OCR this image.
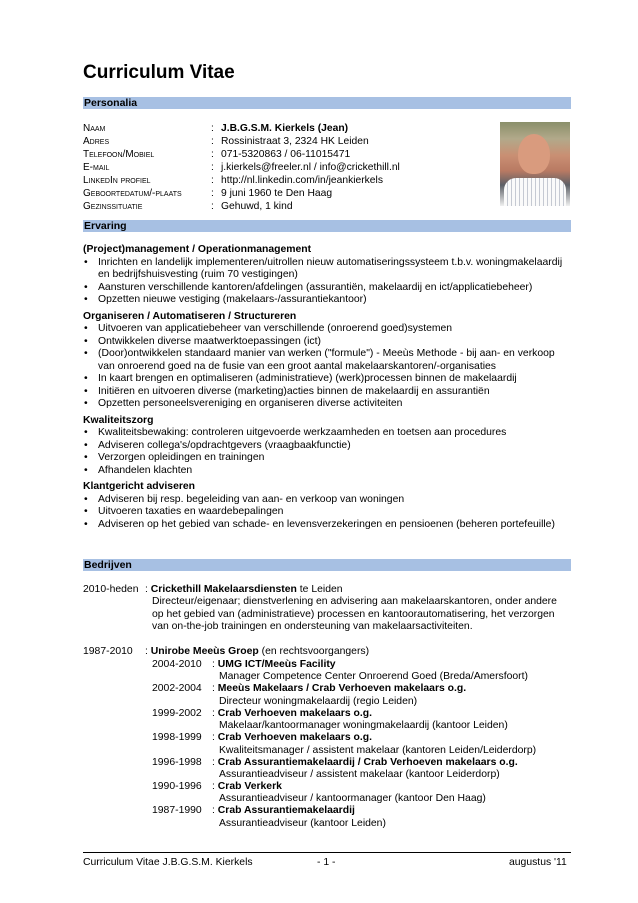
Curriculum Vitae
Personalia
Naam	: J.B.G.S.M. Kierkels (Jean)
Adres	: Rossinistraat 3, 2324 HK Leiden
Telefoon/Mobiel	: 071-5320863 / 06-11015471
E-mail	: j.kierkels@freeler.nl / info@crickethill.nl
LinkedIn profiel	: http://nl.linkedin.com/in/jeankierkels
Geboortedatum/-plaats	: 9 juni 1960 te Den Haag
Gezinssituatie	: Gehuwd, 1 kind
Ervaring
(Project)management / Operationmanagement
• Inrichten en landelijk implementeren/uitrollen nieuw automatiseringssysteem t.b.v. woningmakelaardij en bedrijfshuisvesting (ruim 70 vestigingen)
• Aansturen verschillende kantoren/afdelingen (assurantiën, makelaardij en ict/applicatiebeheer)
• Opzetten nieuwe vestiging (makelaars-/assurantiekantoor)
Organiseren / Automatiseren / Structureren
• Uitvoeren van applicatiebeheer van verschillende (onroerend goed)systemen
• Ontwikkelen diverse maatwerktoepassingen (ict)
• (Door)ontwikkelen standaard manier van werken ("formule") - Meeùs Methode - bij aan- en verkoop van onroerend goed na de fusie van een groot aantal makelaarskantoren/-organisaties
• In kaart brengen en optimaliseren (administratieve) (werk)processen binnen de makelaardij
• Initiëren en uitvoeren diverse (marketing)acties binnen de makelaardij en assurantiën
• Opzetten personeelsvereniging en organiseren diverse activiteiten
Kwaliteitszorg
• Kwaliteitsbewaking: controleren uitgevoerde werkzaamheden en toetsen aan procedures
• Adviseren collega's/opdrachtgevers (vraagbaakfunctie)
• Verzorgen opleidingen en trainingen
• Afhandelen klachten
Klantgericht adviseren
• Adviseren bij resp. begeleiding van aan- en verkoop van woningen
• Uitvoeren taxaties en waardebepalingen
• Adviseren op het gebied van schade- en levensverzekeringen en pensioenen (beheren portefeuille)
Bedrijven
2010-heden : Crickethill Makelaarsdiensten te Leiden
Directeur/eigenaar; dienstverlening en advisering aan makelaarskantoren, onder andere
op het gebied van (administratieve) processen en kantoorautomatisering, het verzorgen
van on-the-job trainingen en ondersteuning van makelaarsactiviteiten.
1987-2010	: Unirobe Meeùs Groep (en rechtsvoorgangers)
2004-2010 : UMG ICT/Meeùs Facility
Manager Competence Center Onroerend Goed (Breda/Amersfoort)
2002-2004 : Meeùs Makelaars / Crab Verhoeven makelaars o.g.
Directeur woningmakelaardij (regio Leiden)
1999-2002 : Crab Verhoeven makelaars o.g.
Makelaar/kantoormanager woningmakelaardij (kantoor Leiden)
1998-1999 : Crab Verhoeven makelaars o.g.
Kwaliteitsmanager / assistent makelaar (kantoren Leiden/Leiderdorp)
1996-1998 : Crab Assurantiemakelaardij / Crab Verhoeven makelaars o.g.
Assurantieadviseur / assistent makelaar (kantoor Leiderdorp)
1990-1996 : Crab Verkerk
Assurantieadviseur / kantoormanager (kantoor Den Haag)
1987-1990 : Crab Assurantiemakelaardij
Assurantieadviseur (kantoor Leiden)
Curriculum Vitae J.B.G.S.M. Kierkels	- 1 -	augustus '11
